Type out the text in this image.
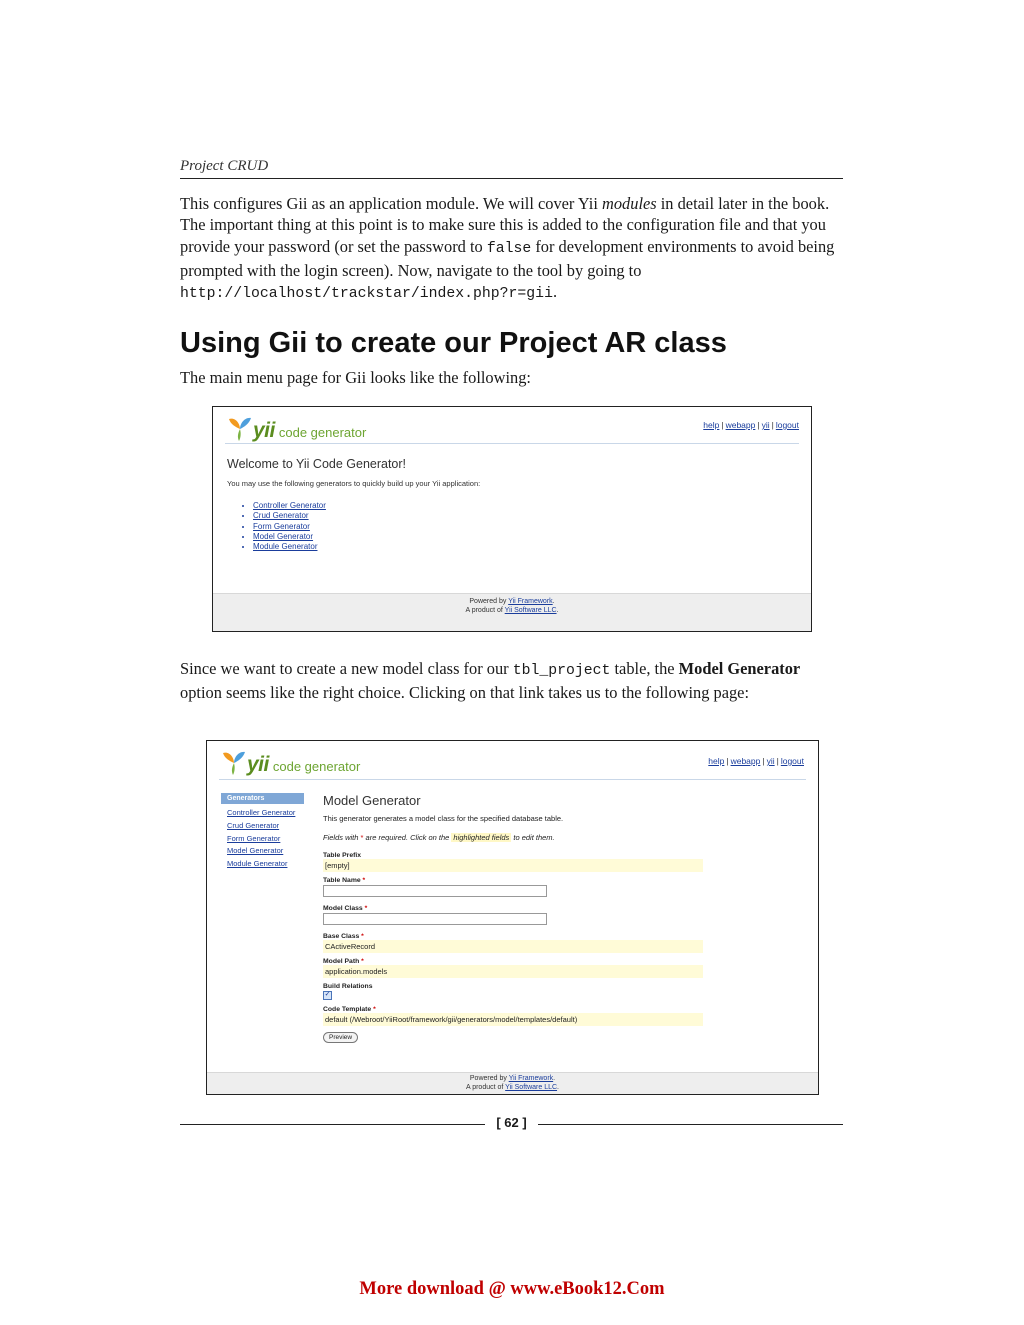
Project CRUD

This configures Gii as an application module. We will cover Yii modules in detail later in the book. The important thing at this point is to make sure this is added to the configuration file and that you provide your password (or set the password to false for development environments to avoid being prompted with the login screen). Now, navigate to the tool by going to http://localhost/trackstar/index.php?r=gii.

Using Gii to create our Project AR class

The main menu page for Gii looks like the following:

yii code generator
help | webapp | yii | logout
Welcome to Yii Code Generator!
You may use the following generators to quickly build up your Yii application:
• Controller Generator
• Crud Generator
• Form Generator
• Model Generator
• Module Generator
Powered by Yii Framework.
A product of Yii Software LLC.

Since we want to create a new model class for our tbl_project table, the Model Generator option seems like the right choice. Clicking on that link takes us to the following page:

yii code generator	help | webapp | yii | logout
Generators
Controller Generator
Crud Generator
Form Generator
Model Generator
Module Generator
Model Generator
This generator generates a model class for the specified database table.
Fields with * are required. Click on the highlighted fields to edit them.
Table Prefix
[empty]
Table Name *
Model Class *
Base Class *
CActiveRecord
Model Path *
application.models
Build Relations
✓
Code Template *
default (/Webroot/YiiRoot/framework/gii/generators/model/templates/default)
Preview
Powered by Yii Framework.
A product of Yii Software LLC.
[ 62 ]
More download @ www.eBook12.Com
